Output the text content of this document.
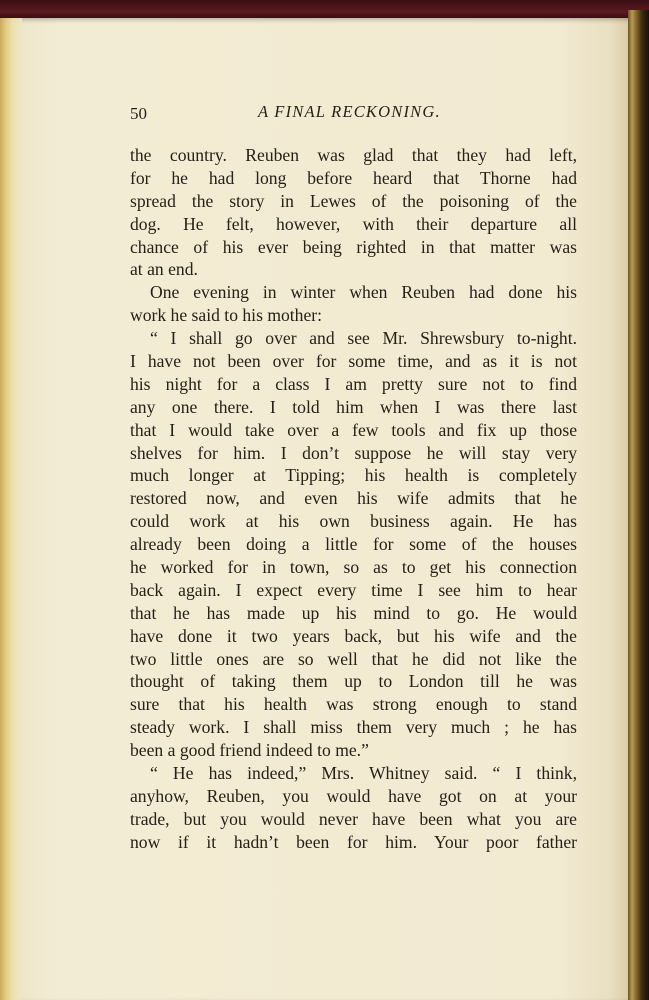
50	A FINAL RECKONING.
the country. Reuben was glad that they had left,
for he had long before heard that Thorne had
spread the story in Lewes of the poisoning of the
dog. He felt, however, with their departure all
chance of his ever being righted in that matter was
at an end.
One evening in winter when Reuben had done his
work he said to his mother:
“ I shall go over and see Mr. Shrewsbury to-night.
I have not been over for some time, and as it is not
his night for a class I am pretty sure not to find
any one there. I told him when I was there last
that I would take over a few tools and fix up those
shelves for him. I don’t suppose he will stay very
much longer at Tipping; his health is completely
restored now, and even his wife admits that he
could work at his own business again. He has
already been doing a little for some of the houses
he worked for in town, so as to get his connection
back again. I expect every time I see him to hear
that he has made up his mind to go. He would
have done it two years back, but his wife and the
two little ones are so well that he did not like the
thought of taking them up to London till he was
sure that his health was strong enough to stand
steady work. I shall miss them very much ; he has
been a good friend indeed to me.”
“ He has indeed,” Mrs. Whitney said. “ I think,
anyhow, Reuben, you would have got on at your
trade, but you would never have been what you are
now if it hadn’t been for him. Your poor father
